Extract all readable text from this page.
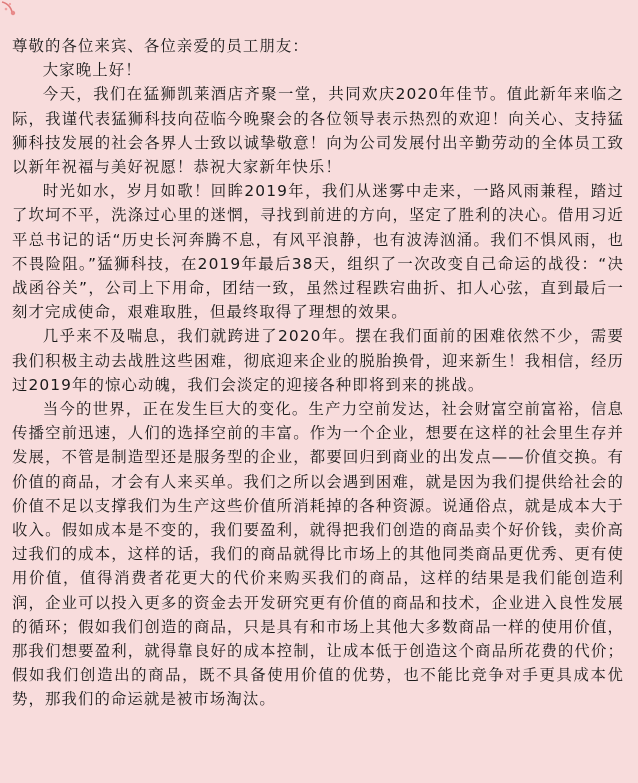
尊敬的各位来宾、各位亲爱的员工朋友：

大家晚上好！

今天，我们在猛狮凯莱酒店齐聚一堂，共同欢庆2020年佳节。值此新年来临之际，我谨代表猛狮科技向莅临今晚聚会的各位领导表示热烈的欢迎！向关心、支持猛狮科技发展的社会各界人士致以诚挚敬意！向为公司发展付出辛勤劳动的全体员工致以新年祝福与美好祝愿！恭祝大家新年快乐！

时光如水，岁月如歌！回眸2019年，我们从迷雾中走来，一路风雨兼程，踏过了坎坷不平，洗涤过心里的迷惘，寻找到前进的方向，坚定了胜利的决心。借用习近平总书记的话“历史长河奔腾不息，有风平浪静，也有波涛汹涌。我们不惧风雨，也不畏险阻。”猛狮科技，在2019年最后38天，组织了一次改变自己命运的战役：“决战函谷关”，公司上下用命，团结一致，虽然过程跌宕曲折、扣人心弦，直到最后一刻才完成使命，艰难取胜，但最终取得了理想的效果。

几乎来不及喘息，我们就跨进了2020年。摆在我们面前的困难依然不少，需要我们积极主动去战胜这些困难，彻底迎来企业的脱胎换骨，迎来新生！我相信，经历过2019年的惊心动魄，我们会淡定的迎接各种即将到来的挑战。

当今的世界，正在发生巨大的变化。生产力空前发达，社会财富空前富裕，信息传播空前迅速，人们的选择空前的丰富。作为一个企业，想要在这样的社会里生存并发展，不管是制造型还是服务型的企业，都要回归到商业的出发点——价值交换。有价值的商品，才会有人来买单。我们之所以会遇到困难，就是因为我们提供给社会的价值不足以支撑我们为生产这些价值所消耗掉的各种资源。说通俗点，就是成本大于收入。假如成本是不变的，我们要盈利，就得把我们创造的商品卖个好价钱，卖价高过我们的成本，这样的话，我们的商品就得比市场上的其他同类商品更优秀、更有使用价值，值得消费者花更大的代价来购买我们的商品，这样的结果是我们能创造利润，企业可以投入更多的资金去开发研究更有价值的商品和技术，企业进入良性发展的循环；假如我们创造的商品，只是具有和市场上其他大多数商品一样的使用价值，那我们想要盈利，就得靠良好的成本控制，让成本低于创造这个商品所花费的代价；假如我们创造出的商品，既不具备使用价值的优势，也不能比竞争对手更具成本优势，那我们的命运就是被市场淘汰。
